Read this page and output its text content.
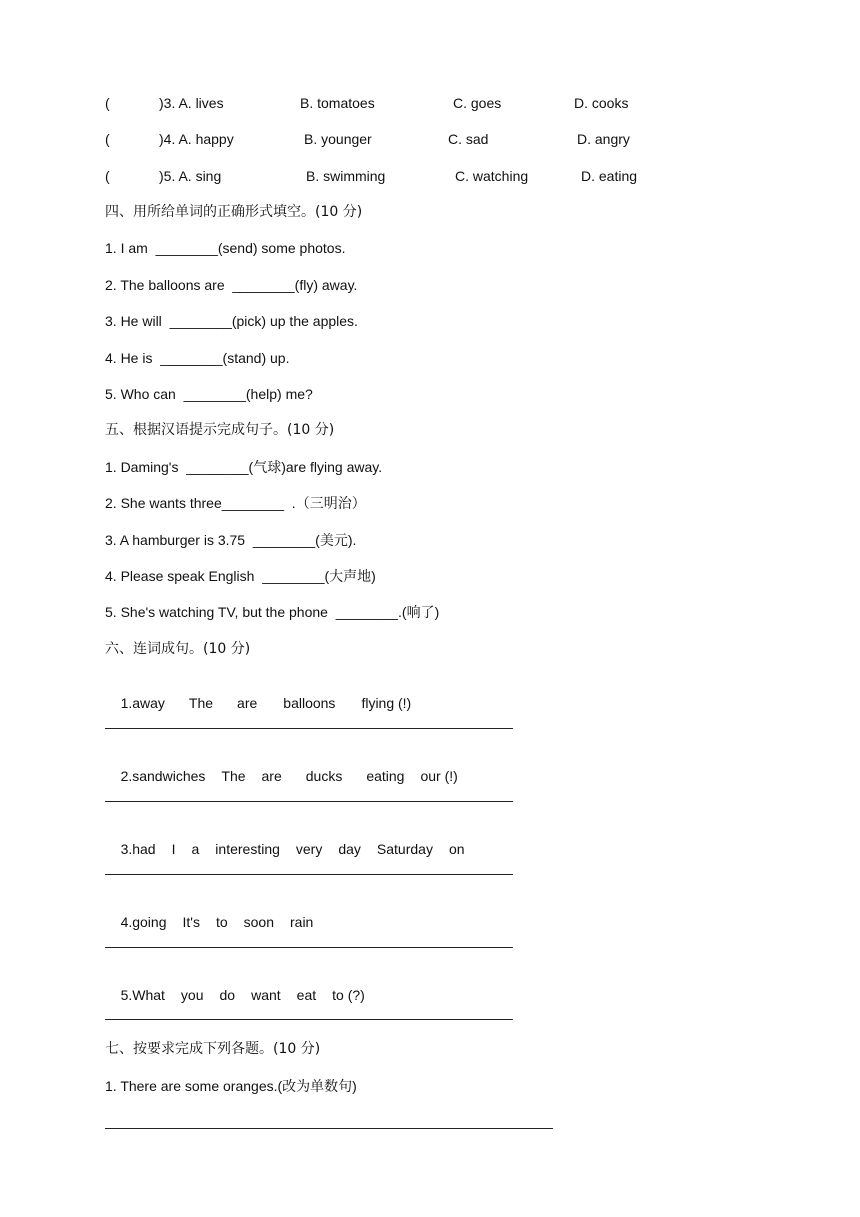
(	)3. A. lives	B. tomatoes	C. goes	D. cooks
(	)4. A. happy	B. younger	C. sad	D. angry
(	)5. A. sing	B. swimming	C. watching	D. eating
四、用所给单词的正确形式填空。(10 分)
1. I am  ________(send) some photos.
2. The balloons are  ________(fly) away.
3. He will  ________(pick) up the apples.
4. He is  ________(stand) up.
5. Who can  ________(help) me?
五、根据汉语提示完成句子。(10 分)
1. Daming's  ________(气球)are flying away.
2. She wants three________  .（三明治）
3. A hamburger is 3.75  ________(美元).
4. Please speak English  ________(大声地)
5. She's watching TV, but the phone  ________.(响了)
六、连词成句。(10 分)

1.away The are balloons flying (!)

2.sandwiches The are ducks eating our (!)

3.had I a interesting very day Saturday on

4.going It's to soon rain

5.What you do want eat to (?)

七、按要求完成下列各题。(10 分)
1. There are some oranges.(改为单数句)
